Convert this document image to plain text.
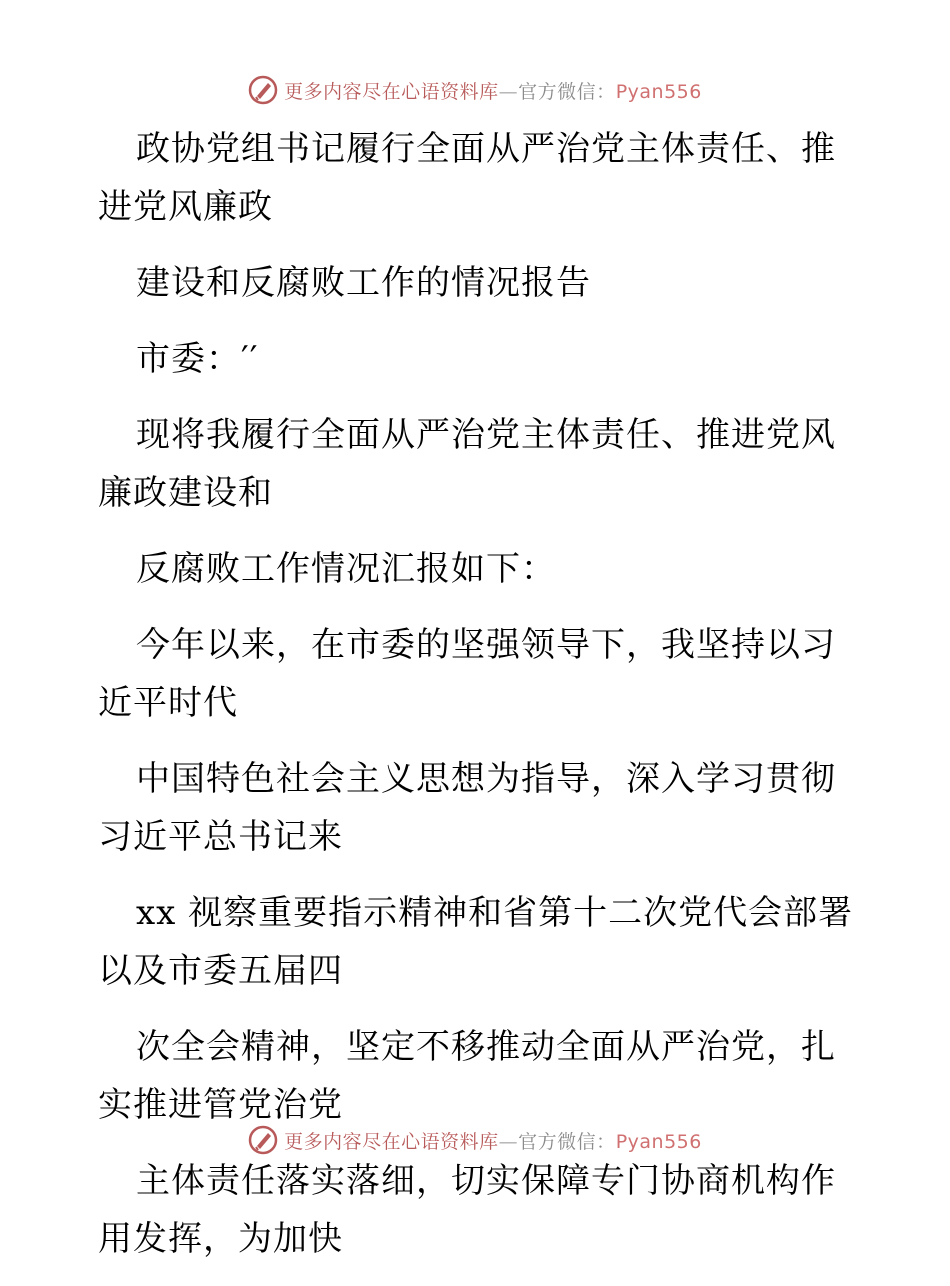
更多内容尽在心语资料库—官方微信：Pyan556

政协党组书记履行全面从严治党主体责任、推进党风廉政

建设和反腐败工作的情况报告

市委：′′

现将我履行全面从严治党主体责任、推进党风廉政建设和

反腐败工作情况汇报如下：

今年以来，在市委的坚强领导下，我坚持以习近平时代

中国特色社会主义思想为指导，深入学习贯彻习近平总书记来

xx 视察重要指示精神和省第十二次党代会部署以及市委五届四

次全会精神，坚定不移推动全面从严治党，扎实推进管党治党

主体责任落实落细，切实保障专门协商机构作用发挥，为加快

更多内容尽在心语资料库—官方微信：Pyan556
